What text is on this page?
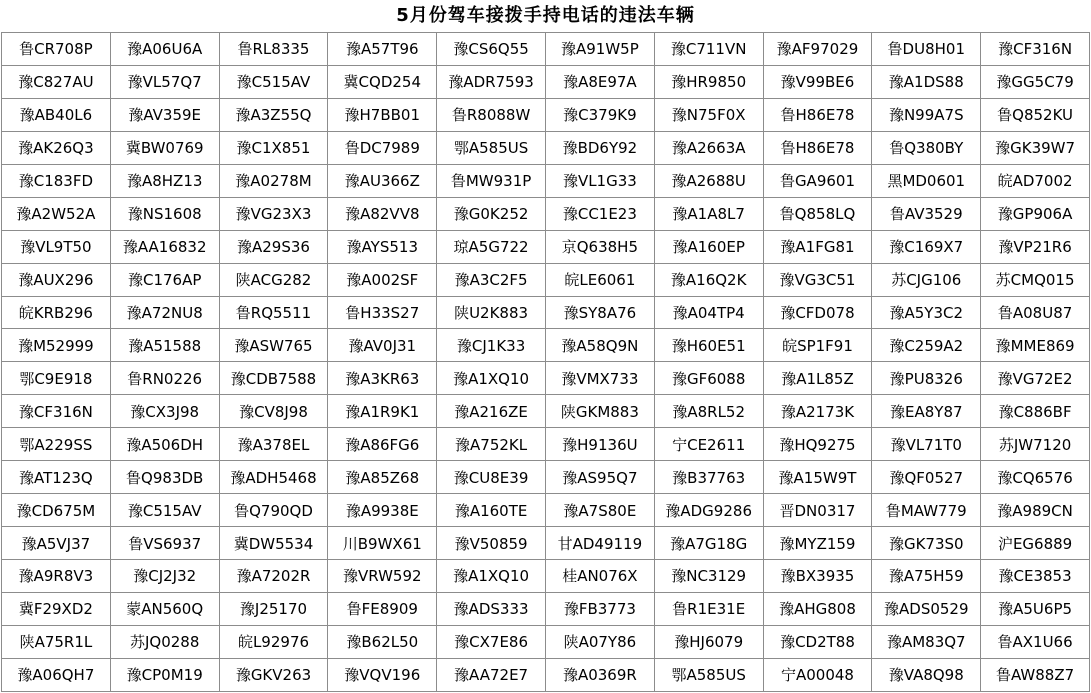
5月份驾车接拨手持电话的违法车辆
鲁CR708P	豫A06U6A	鲁RL8335	豫A57T96	豫CS6Q55	豫A91W5P	豫C711VN	豫AF97029	鲁DU8H01	豫CF316N
豫C827AU	豫VL57Q7	豫C515AV	冀CQD254	豫ADR7593	豫A8E97A	豫HR9850	豫V99BE6	豫A1DS88	豫GG5C79
豫AB40L6	豫AV359E	豫A3Z55Q	豫H7BB01	鲁R8088W	豫C379K9	豫N75F0X	鲁H86E78	豫N99A7S	鲁Q852KU
豫AK26Q3	冀BW0769	豫C1X851	鲁DC7989	鄂A585US	豫BD6Y92	豫A2663A	鲁H86E78	鲁Q380BY	豫GK39W7
豫C183FD	豫A8HZ13	豫A0278M	豫AU366Z	鲁MW931P	豫VL1G33	豫A2688U	鲁GA9601	黑MD0601	皖AD7002
豫A2W52A	豫NS1608	豫VG23X3	豫A82VV8	豫G0K252	豫CC1E23	豫A1A8L7	鲁Q858LQ	鲁AV3529	豫GP906A
豫VL9T50	豫AA16832	豫A29S36	豫AYS513	琼A5G722	京Q638H5	豫A160EP	豫A1FG81	豫C169X7	豫VP21R6
豫AUX296	豫C176AP	陕ACG282	豫A002SF	豫A3C2F5	皖LE6061	豫A16Q2K	豫VG3C51	苏CJG106	苏CMQ015
皖KRB296	豫A72NU8	鲁RQ5511	鲁H33S27	陕U2K883	豫SY8A76	豫A04TP4	豫CFD078	豫A5Y3C2	鲁A08U87
豫M52999	豫A51588	豫ASW765	豫AV0J31	豫CJ1K33	豫A58Q9N	豫H60E51	皖SP1F91	豫C259A2	豫MME869
鄂C9E918	鲁RN0226	豫CDB7588	豫A3KR63	豫A1XQ10	豫VMX733	豫GF6088	豫A1L85Z	豫PU8326	豫VG72E2
豫CF316N	豫CX3J98	豫CV8J98	豫A1R9K1	豫A216ZE	陕GKM883	豫A8RL52	豫A2173K	豫EA8Y87	豫C886BF
鄂A229SS	豫A506DH	豫A378EL	豫A86FG6	豫A752KL	豫H9136U	宁CE2611	豫HQ9275	豫VL71T0	苏JW7120
豫AT123Q	鲁Q983DB	豫ADH5468	豫A85Z68	豫CU8E39	豫AS95Q7	豫B37763	豫A15W9T	豫QF0527	豫CQ6576
豫CD675M	豫C515AV	鲁Q790QD	豫A9938E	豫A160TE	豫A7S80E	豫ADG9286	晋DN0317	鲁MAW779	豫A989CN
豫A5VJ37	鲁VS6937	冀DW5534	川B9WX61	豫V50859	甘AD49119	豫A7G18G	豫MYZ159	豫GK73S0	沪EG6889
豫A9R8V3	豫CJ2J32	豫A7202R	豫VRW592	豫A1XQ10	桂AN076X	豫NC3129	豫BX3935	豫A75H59	豫CE3853
冀F29XD2	蒙AN560Q	豫J25170	鲁FE8909	豫ADS333	豫FB3773	鲁R1E31E	豫AHG808	豫ADS0529	豫A5U6P5
陕A75R1L	苏JQ0288	皖L92976	豫B62L50	豫CX7E86	陕A07Y86	豫HJ6079	豫CD2T88	豫AM83Q7	鲁AX1U66
豫A06QH7	豫CP0M19	豫GKV263	豫VQV196	豫AA72E7	豫A0369R	鄂A585US	宁A00048	豫VA8Q98	鲁AW88Z7
